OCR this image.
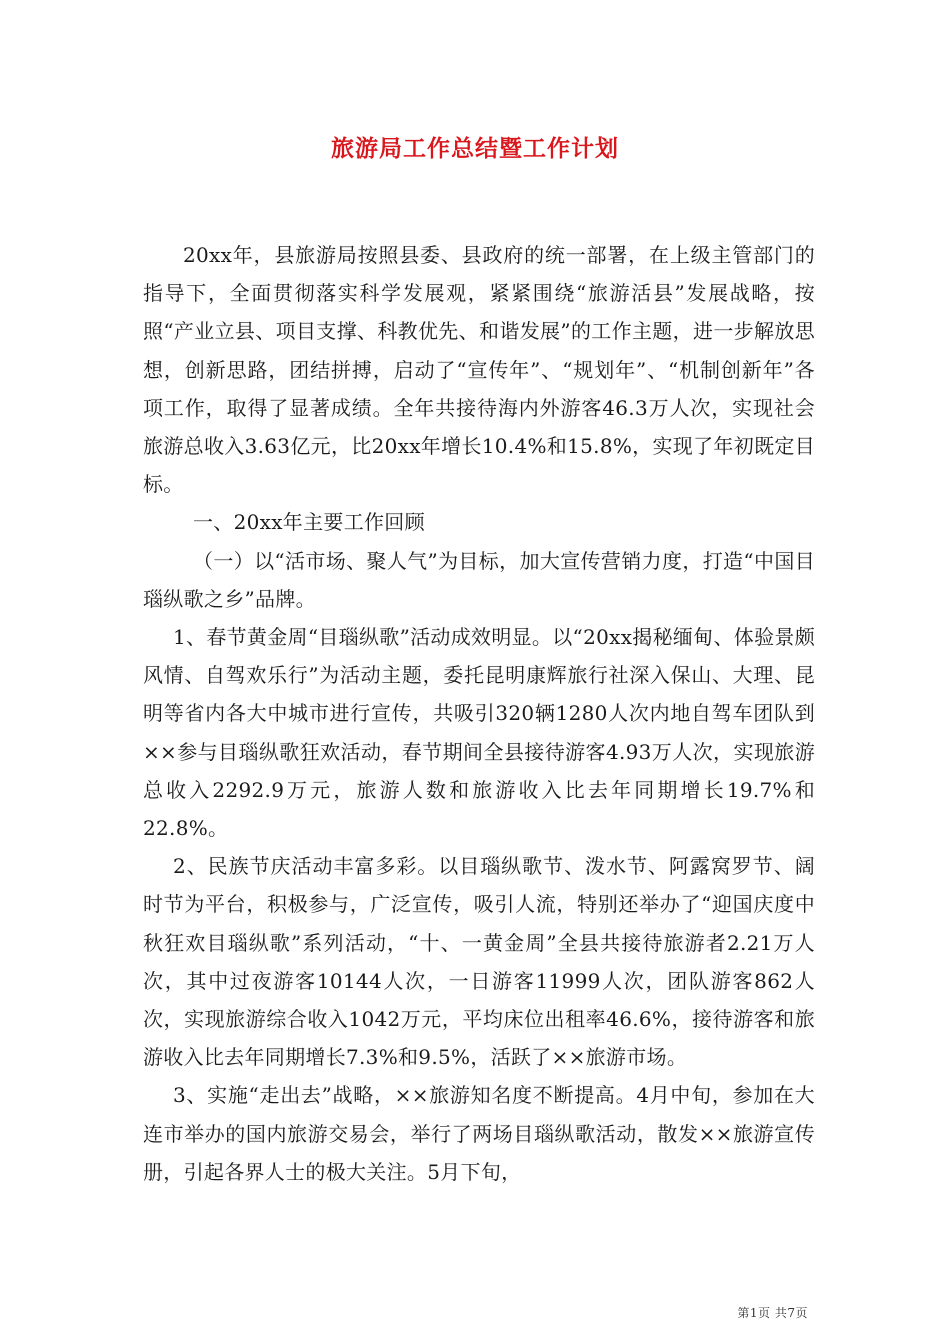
旅游局工作总结暨工作计划

20xx年，县旅游局按照县委、县政府的统一部署，在上级主管部门的指导下，全面贯彻落实科学发展观，紧紧围绕“旅游活县”发展战略，按照“产业立县、项目支撑、科教优先、和谐发展”的工作主题，进一步解放思想，创新思路，团结拼搏，启动了“宣传年”、“规划年”、“机制创新年”各项工作，取得了显著成绩。全年共接待海内外游客46.3万人次，实现社会旅游总收入3.63亿元，比20xx年增长10.4%和15.8%，实现了年初既定目标。

一、20xx年主要工作回顾

（一）以“活市场、聚人气”为目标，加大宣传营销力度，打造“中国目瑙纵歌之乡”品牌。

1、春节黄金周“目瑙纵歌”活动成效明显。以“20xx揭秘缅甸、体验景颇风情、自驾欢乐行”为活动主题，委托昆明康辉旅行社深入保山、大理、昆明等省内各大中城市进行宣传，共吸引320辆1280人次内地自驾车团队到××参与目瑙纵歌狂欢活动，春节期间全县接待游客4.93万人次，实现旅游总收入2292.9万元，旅游人数和旅游收入比去年同期增长19.7%和22.8%。

2、民族节庆活动丰富多彩。以目瑙纵歌节、泼水节、阿露窝罗节、阔时节为平台，积极参与，广泛宣传，吸引人流，特别还举办了“迎国庆度中秋狂欢目瑙纵歌”系列活动，“十、一黄金周”全县共接待旅游者2.21万人次，其中过夜游客10144人次，一日游客11999人次，团队游客862人次，实现旅游综合收入1042万元，平均床位出租率46.6%，接待游客和旅游收入比去年同期增长7.3%和9.5%，活跃了××旅游市场。

3、实施“走出去”战略，××旅游知名度不断提高。4月中旬，参加在大连市举办的国内旅游交易会，举行了两场目瑙纵歌活动，散发××旅游宣传册，引起各界人士的极大关注。5月下旬，

第1页 共7页
